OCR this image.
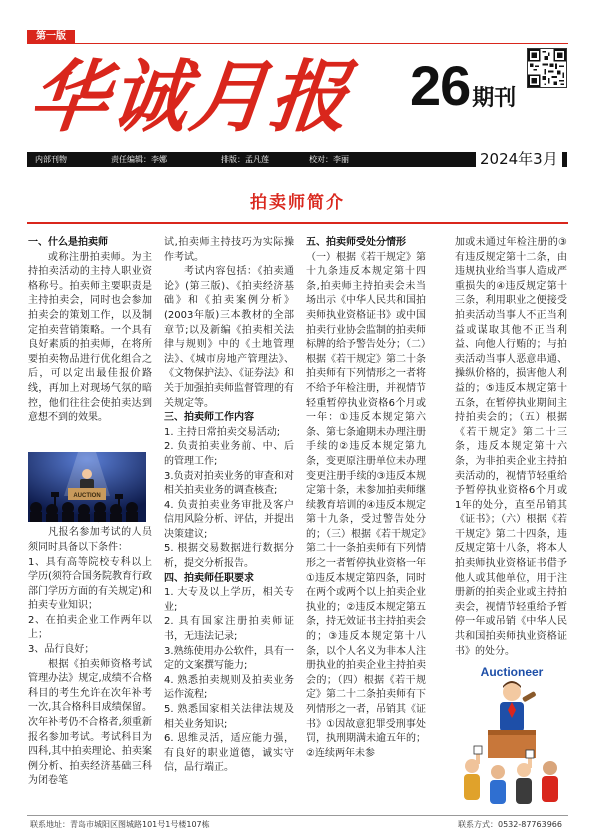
第一版
华诚月报 26期刊
内部刊物	责任编辑：李娜	排版：孟凡莲	校对：李丽	2024年3月
拍卖师简介

一、什么是拍卖师

或称注册拍卖师。为主持拍卖活动的主持人职业资格称号。拍卖师主要职责是主持拍卖会，同时也会参加拍卖会的策划工作，以及制定拍卖营销策略。一个具有良好素质的拍卖师，在将所要拍卖物品进行优化组合之后，可以定出最佳报价路线，再加上对现场气氛的暗控，他们往往会使拍卖达到意想不到的效果。

凡报名参加考试的人员须同时具备以下条件：

1、具有高等院校专科以上学历(须符合国务院教育行政部门学历方面的有关规定)和拍卖专业知识；

2、在拍卖企业工作两年以上；

3、品行良好；

根据《拍卖师资格考试管理办法》规定,成绩不合格科目的考生允许在次年补考一次,其合格科目成绩保留。次年补考仍不合格者,须重新报名参加考试。考试科目为四科,其中拍卖理论、拍卖案例分析、拍卖经济基础三科为闭卷笔

AUCTION

试,拍卖师主持技巧为实际操作考试。

考试内容包括：《拍卖通论》(第三版)、《拍卖经济基础》和《拍卖案例分析》(2003年版)三本教材的全部章节;以及新编《拍卖相关法律与规则》中的《土地管理法》、《城市房地产管理法》、《文物保护法》、《证券法》和关于加强拍卖师监督管理的有关规定等。

三、拍卖师工作内容

1. 主持日常拍卖交易活动;

2. 负责拍卖业务前、中、后的管理工作;

3.负责对拍卖业务的审查和对相关拍卖业务的调查核查;

4. 负责拍卖业务审批及客户信用风险分析、评估，并提出决策建议;

5. 根据交易数据进行数据分析，提交分析报告。

四、拍卖师任职要求

1. 大专及以上学历，相关专业;

2. 具有国家注册拍卖师证书，无违法记录;

3.熟练使用办公软件，具有一定的文案撰写能力;

4. 熟悉拍卖规则及拍卖业务运作流程;

5. 熟悉国家相关法律法规及相关业务知识;

6. 思维灵活，适应能力强，有良好的职业道德，诚实守信，品行端正。

五、拍卖师受处分情形

（一）根据《若干规定》第十九条违反本规定第十四条,拍卖师主持拍卖会未当场出示《中华人民共和国拍卖师执业资格证书》或中国拍卖行业协会监制的拍卖师标牌的给予警告处分；（二）根据《若干规定》第二十条拍卖师有下列情形之一者将不给予年检注册，并视情节轻重暂停执业资格6个月或一年：①违反本规定第六条、第七条逾期未办理注册手续的②违反本规定第九条，变更原注册单位未办理变更注册手续的③违反本规定第十条，未参加拍卖师继续教育培训的④违反本规定第十九条，受过警告处分的；（三）根据《若干规定》第二十一条拍卖师有下列情形之一者暂停执业资格一年①违反本规定第四条，同时在两个或两个以上拍卖企业执业的；②违反本规定第五条，持无效证书主持拍卖会的；③违反本规定第十八条，以个人名义为非本人注册执业的拍卖企业主持拍卖会的；（四）根据《若干规定》第二十二条拍卖师有下列情形之一者，吊销其《证书》①因故意犯罪受刑事处罚，执刑期满未逾五年的；②连续两年未参

加或未通过年检注册的③有违反规定第十二条，由违规执业给当事人造成严重损失的④违反规定第十三条，利用职业之便接受拍卖活动当事人不正当利益或谋取其他不正当利益、向他人行贿的；与拍卖活动当事人恶意串通、操纵价格的，损害他人利益的；⑤违反本规定第十五条，在暂停执业期间主持拍卖会的；（五）根据《若干规定》第二十三条，违反本规定第十六条，为非拍卖企业主持拍卖活动的，视情节轻重给予暂停执业资格6个月或1年的处分，直至吊销其《证书》；（六）根据《若干规定》第二十四条，违反规定第十八条，将本人拍卖师执业资格证书借予他人或其他单位，用于注册新的拍卖企业或主持拍卖会，视情节轻重给予暂停一年或吊销《中华人民共和国拍卖师执业资格证书》的处分。

Auctioneer
联系地址：青岛市城阳区图城路101号1号楼107栋	联系方式：0532-87763966
